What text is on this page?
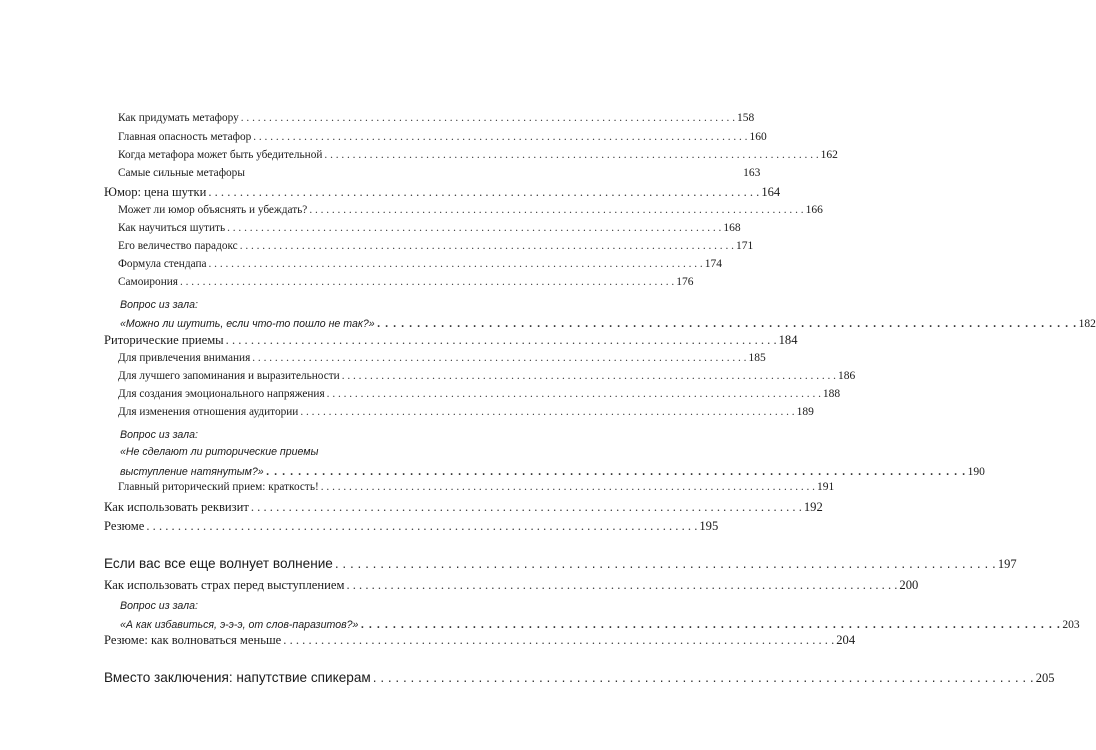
Как придумать метафору . . .	158
Главная опасность метафор . . .	160
Когда метафора может быть убедительной . . .	162
Самые сильные метафоры	163
Юмор: цена шутки . . .	164
Может ли юмор объяснять и убеждать? . . .	166
Как научиться шутить . . .	168
Его величество парадокс . . .	171
Формула стендапа . . .	174
Самоирония . . .	176
Вопрос из зала:
«Можно ли шутить, если что-то пошло не так?» . . .	182
Риторические приемы . . .	184
Для привлечения внимания . . .	185
Для лучшего запоминания и выразительности . . .	186
Для создания эмоционального напряжения . . .	188
Для изменения отношения аудитории . . .	189
Вопрос из зала:
«Не сделают ли риторические приемы
выступление натянутым?» . . .	190
Главный риторический прием: краткость! . . .	191
Как использовать реквизит . . .	192
Резюме . . .	195
Если вас все еще волнует волнение . . .	197
Как использовать страх перед выступлением . . .	200
Вопрос из зала:
«А как избавиться, э-э-э, от слов-паразитов?» . . .	203
Резюме: как волноваться меньше . . .	204
Вместо заключения: напутствие спикерам . . .	205
